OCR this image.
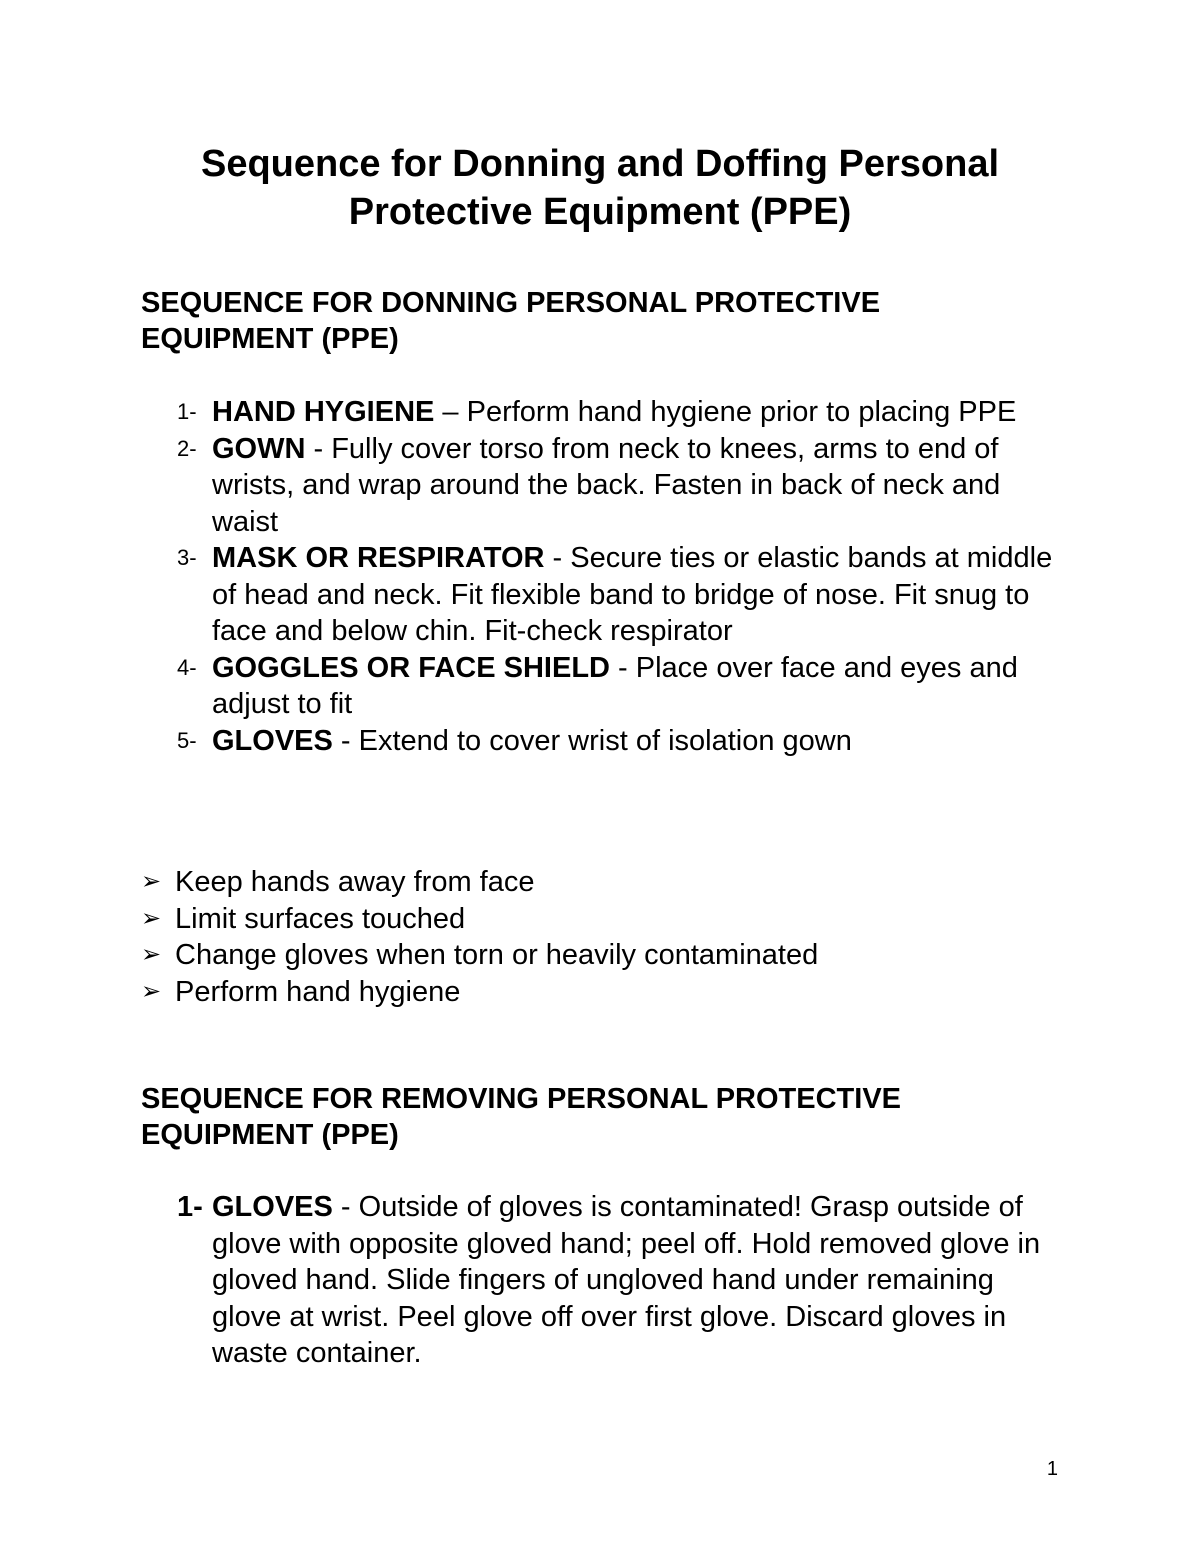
Sequence for Donning and Doffing Personal
Protective Equipment (PPE)
SEQUENCE FOR DONNING PERSONAL PROTECTIVE
EQUIPMENT (PPE)
1- HAND HYGIENE – Perform hand hygiene prior to placing PPE
2- GOWN - Fully cover torso from neck to knees, arms to end of wrists, and wrap around the back. Fasten in back of neck and waist
3- MASK OR RESPIRATOR - Secure ties or elastic bands at middle of head and neck. Fit flexible band to bridge of nose. Fit snug to face and below chin. Fit-check respirator
4- GOGGLES OR FACE SHIELD - Place over face and eyes and adjust to fit
5- GLOVES - Extend to cover wrist of isolation gown
➢ Keep hands away from face
➢ Limit surfaces touched
➢ Change gloves when torn or heavily contaminated
➢ Perform hand hygiene
SEQUENCE FOR REMOVING PERSONAL PROTECTIVE
EQUIPMENT (PPE)
1- GLOVES - Outside of gloves is contaminated! Grasp outside of glove with opposite gloved hand; peel off. Hold removed glove in gloved hand. Slide fingers of ungloved hand under remaining glove at wrist. Peel glove off over first glove. Discard gloves in waste container.
1
